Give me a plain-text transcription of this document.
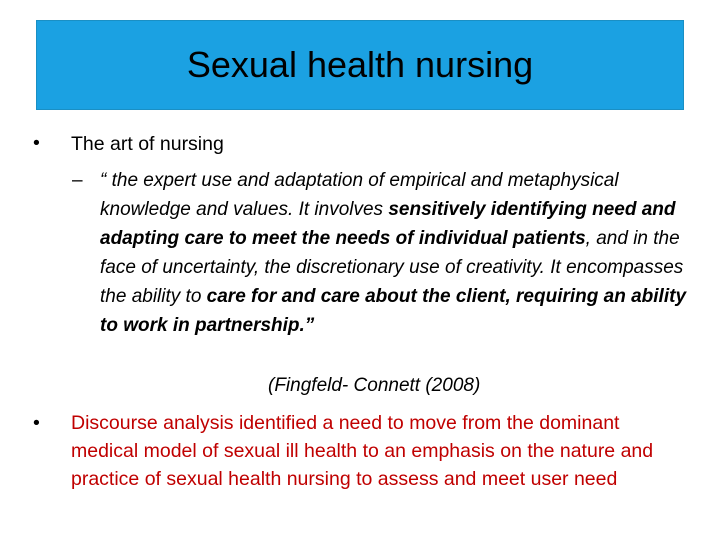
Sexual health nursing
• The art of nursing
– “ the expert use and adaptation of empirical and metaphysical knowledge and values. It involves sensitively identifying need and adapting care to meet the needs of individual patients, and in the face of uncertainty, the discretionary use of creativity. It encompasses the ability to care for and care about the client, requiring an ability to work in partnership.”
(Fingfeld- Connett (2008)
• Discourse analysis identified a need to move from the dominant medical model of sexual ill health to an emphasis on the nature and practice of sexual health nursing to assess and meet user need
